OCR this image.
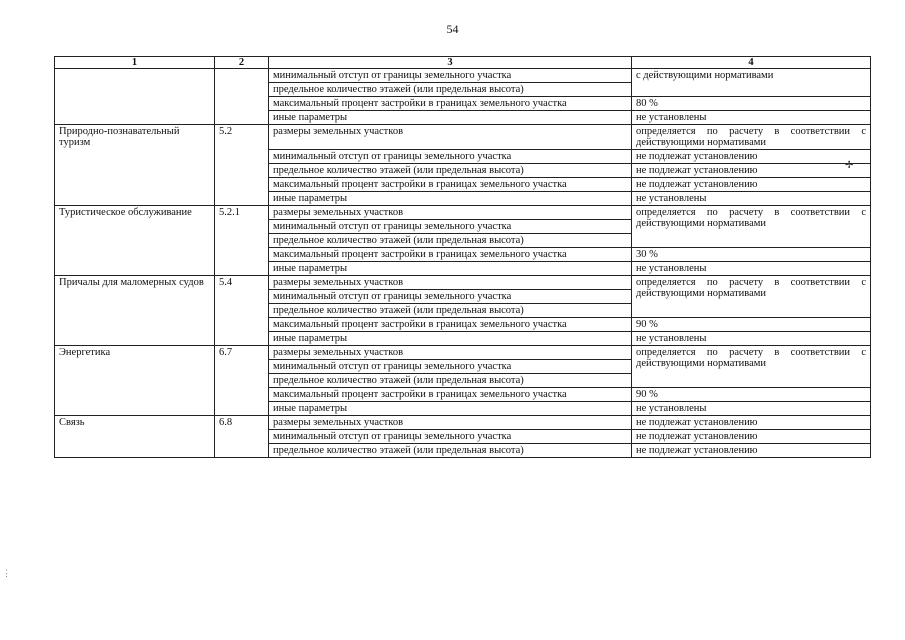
54
1	2	3	4
		минимальный отступ от границы земельного участка	с действующими нормативами
		предельное количество этажей (или предельная высота)	
		максимальный процент застройки в границах земельного участка	80 %
		иные параметры	не установлены
Природно-познавательный туризм	5.2	размеры земельных участков	определяется по расчету в соответствии с действующими нормативами
		минимальный отступ от границы земельного участка	не подлежат установлению
		предельное количество этажей (или предельная высота)	не подлежат установлению
		максимальный процент застройки в границах земельного участка	не подлежат установлению
		иные параметры	не установлены
Туристическое обслуживание	5.2.1	размеры земельных участков	определяется по расчету в соответствии с действующими нормативами
		минимальный отступ от границы земельного участка	
		предельное количество этажей (или предельная высота)	
		максимальный процент застройки в границах земельного участка	30 %
		иные параметры	не установлены
Причалы для маломерных судов	5.4	размеры земельных участков	определяется по расчету в соответствии с действующими нормативами
		минимальный отступ от границы земельного участка	
		предельное количество этажей (или предельная высота)	
		максимальный процент застройки в границах земельного участка	90 %
		иные параметры	не установлены
Энергетика	6.7	размеры земельных участков	определяется по расчету в соответствии с действующими нормативами
		минимальный отступ от границы земельного участка	
		предельное количество этажей (или предельная высота)	
		максимальный процент застройки в границах земельного участка	90 %
		иные параметры	не установлены
Связь	6.8	размеры земельных участков	не подлежат установлению
		минимальный отступ от границы земельного участка	не подлежат установлению
		предельное количество этажей (или предельная высота)	не подлежат установлению
✢
⋮
